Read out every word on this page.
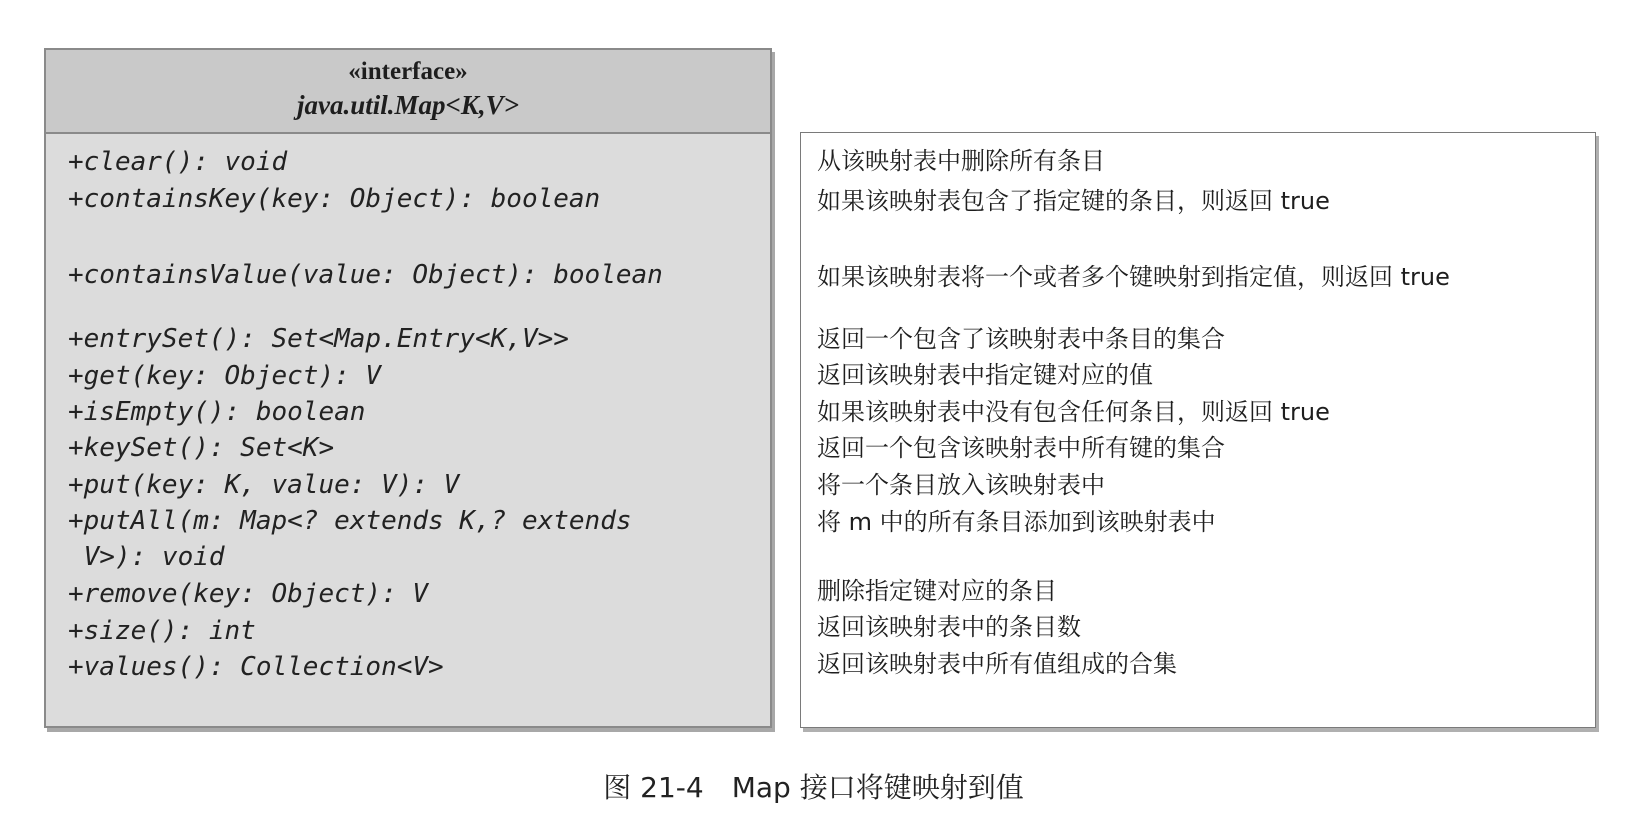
«interface»
java.util.Map<K,V>
+clear(): void
+containsKey(key: Object): boolean
+containsValue(value: Object): boolean
+entrySet(): Set<Map.Entry<K,V>>
+get(key: Object): V
+isEmpty(): boolean
+keySet(): Set<K>
+put(key: K, value: V): V
+putAll(m: Map<? extends K,? extends
V>): void
+remove(key: Object): V
+size(): int
+values(): Collection<V>
从该映射表中删除所有条目
如果该映射表包含了指定键的条目，则返回 true
如果该映射表将一个或者多个键映射到指定值，则返回 true
返回一个包含了该映射表中条目的集合
返回该映射表中指定键对应的值
如果该映射表中没有包含任何条目，则返回 true
返回一个包含该映射表中所有键的集合
将一个条目放入该映射表中
将 m 中的所有条目添加到该映射表中
删除指定键对应的条目
返回该映射表中的条目数
返回该映射表中所有值组成的合集
图 21-4　Map 接口将键映射到值
